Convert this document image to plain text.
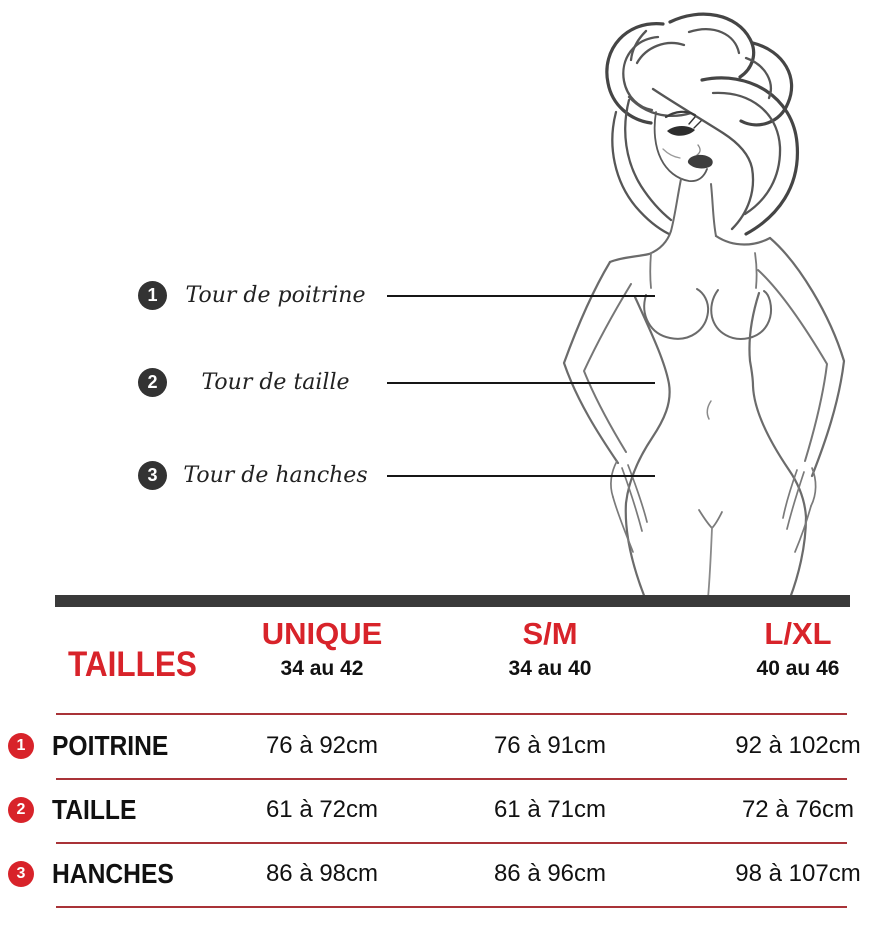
1	Tour de poitrine
2	Tour de taille
3	Tour de hanches
TAILLES
UNIQUE	S/M	L/XL
34 au 42	34 au 40	40 au 46
1 POITRINE	76 à 92cm	76 à 91cm	92 à 102cm
2 TAILLE	61 à 72cm	61 à 71cm	72 à 76cm
3 HANCHES	86 à 98cm	86 à 96cm	98 à 107cm
